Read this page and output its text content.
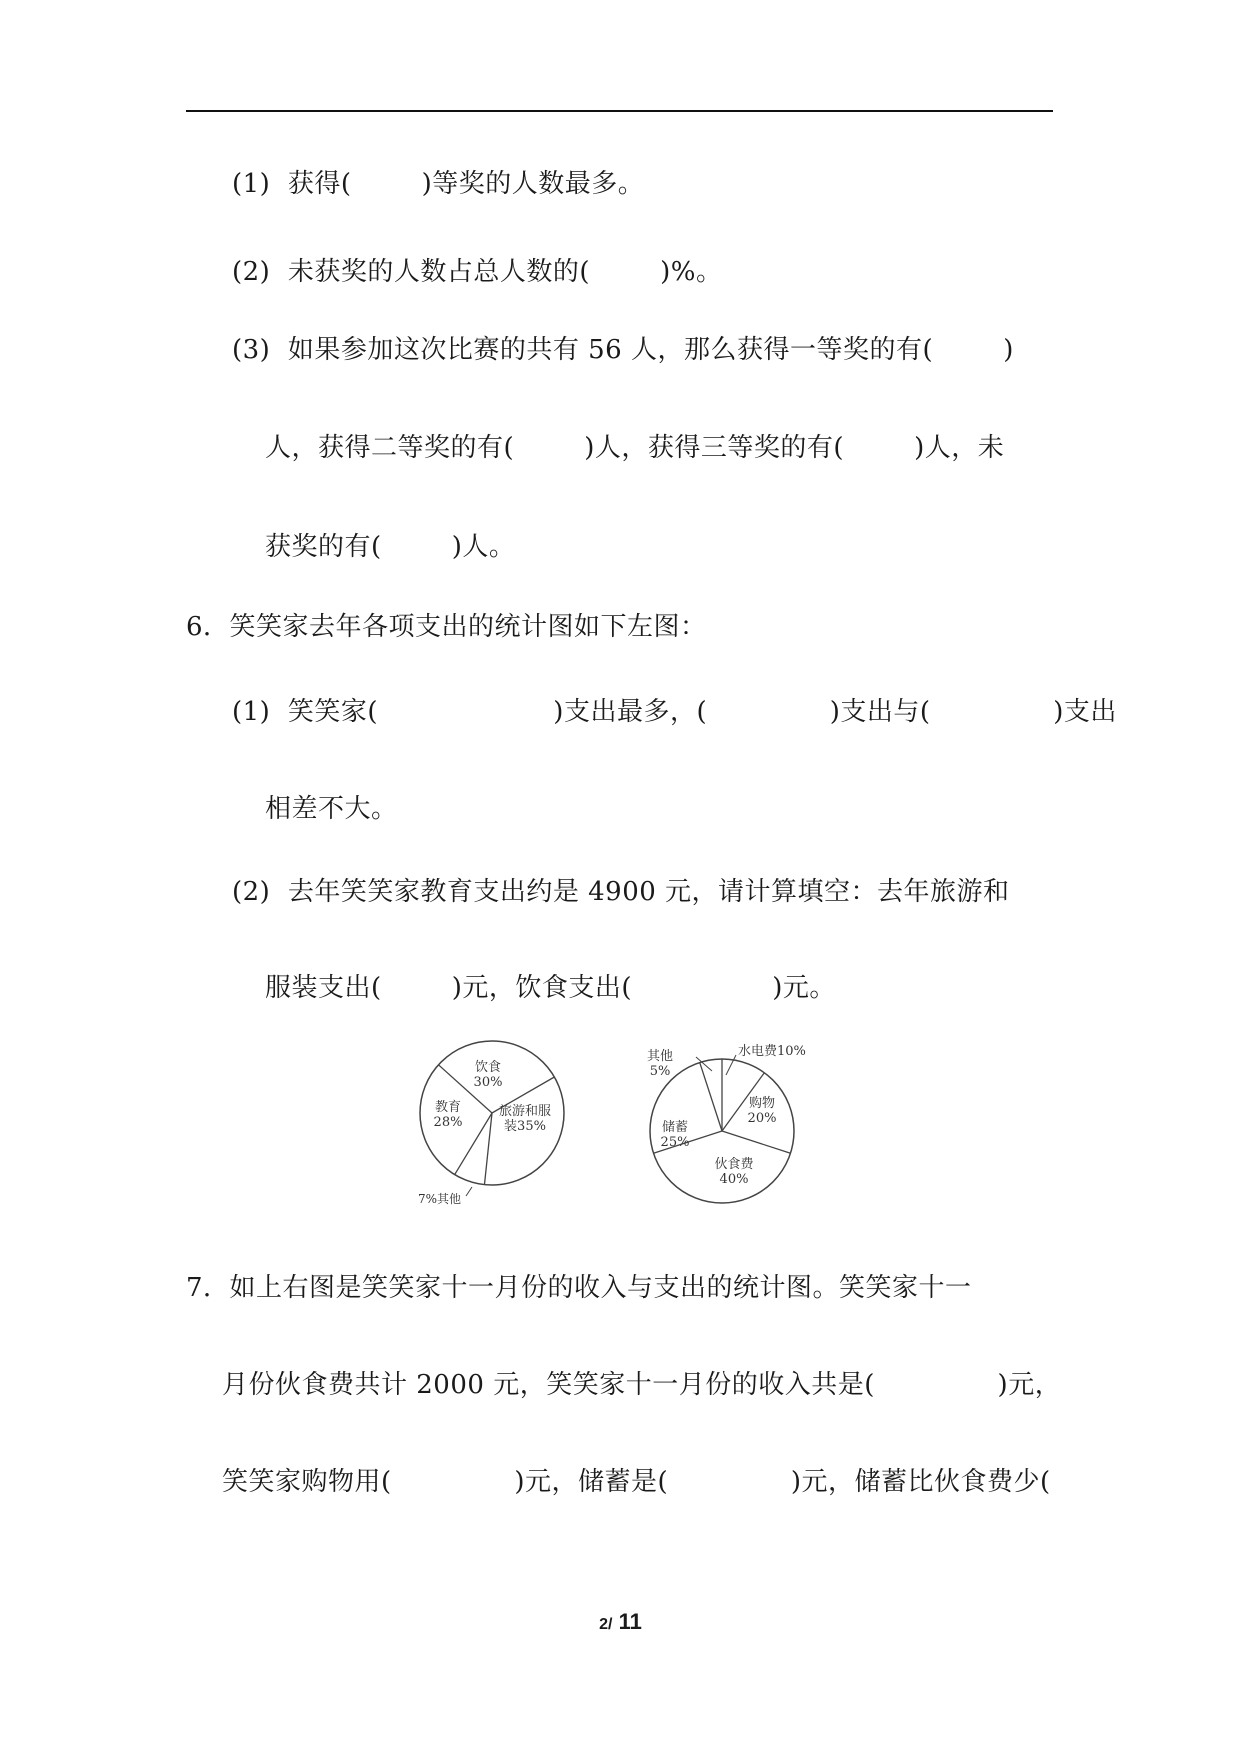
(1)  获得(        )等奖的人数最多。
(2)  未获奖的人数占总人数的(        )%。
(3)  如果参加这次比赛的共有 56 人，那么获得一等奖的有(        )
人，获得二等奖的有(        )人，获得三等奖的有(        )人，未
获奖的有(        )人。
6．笑笑家去年各项支出的统计图如下左图：
(1)  笑笑家(                    )支出最多，(              )支出与(              )支出
相差不大。
(2)  去年笑笑家教育支出约是 4900 元，请计算填空：去年旅游和
服装支出(        )元，饮食支出(                )元。
饮食
30%
教育
28%
旅游和服
装35%
7%其他
其他
5%
水电费10%
购物
20%
储蓄
25%
伙食费
40%
7．如上右图是笑笑家十一月份的收入与支出的统计图。笑笑家十一
月份伙食费共计 2000 元，笑笑家十一月份的收入共是(              )元，
笑笑家购物用(              )元，储蓄是(              )元，储蓄比伙食费少(
2/ 11
